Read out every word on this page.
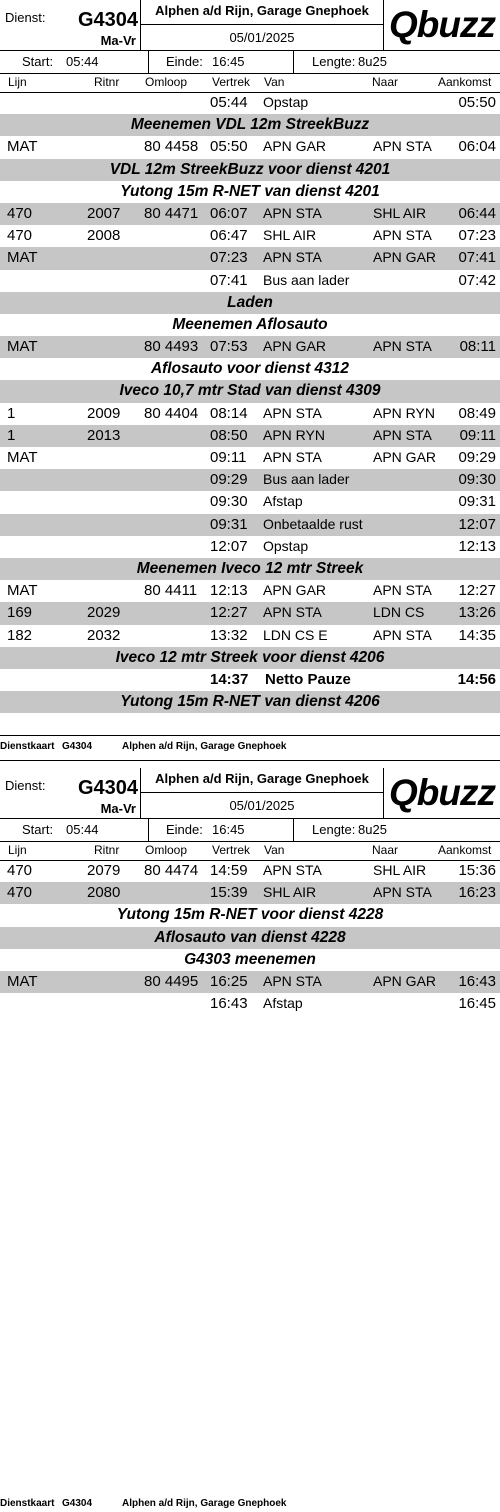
Dienst: G4304
Ma-Vr
Alphen a/d Rijn, Garage Gnephoek
05/01/2025	Qbuzz
Start: 05:44	Einde: 16:45	Lengte: 8u25
Lijn	Ritnr Omloop Vertrek Van	Naar	Aankomst
05:44 Opstap	05:50
Meenemen VDL 12m StreekBuzz
MAT	80 4458 05:50 APN GAR	APN STA 06:04
VDL 12m StreekBuzz voor dienst 4201
Yutong 15m R-NET van dienst 4201
470	2007 80 4471 06:07 APN STA	SHL AIR 06:44
470	2008	06:47 SHL AIR	APN STA 07:23
MAT	07:23 APN STA	APN GAR 07:41
07:41 Bus aan lader	07:42
Laden
Meenemen Aflosauto
MAT	80 4493 07:53 APN GAR	APN STA 08:11
Aflosauto voor dienst 4312
Iveco 10,7 mtr Stad van dienst 4309
1	2009 80 4404 08:14 APN STA	APN RYN 08:49
1	2013	08:50 APN RYN	APN STA 09:11
MAT	09:11 APN STA	APN GAR 09:29
09:29 Bus aan lader	09:30
09:30 Afstap	09:31
09:31 Onbetaalde rust	12:07
12:07 Opstap	12:13
Meenemen Iveco 12 mtr Streek
MAT	80 4411 12:13 APN GAR	APN STA 12:27
169	2029	12:27 APN STA	LDN CS 13:26
182	2032	13:32 LDN CS E	APN STA 14:35
Iveco 12 mtr Streek voor dienst 4206
14:37 Netto Pauze	14:56
Yutong 15m R-NET van dienst 4206
Dienstkaart G4304	Alphen a/d Rijn, Garage Gnephoek
Dienst: G4304
Ma-Vr
Alphen a/d Rijn, Garage Gnephoek
05/01/2025	Qbuzz
Start: 05:44	Einde: 16:45	Lengte: 8u25
Lijn	Ritnr Omloop Vertrek Van	Naar	Aankomst
470	2079 80 4474 14:59 APN STA	SHL AIR 15:36
470	2080	15:39 SHL AIR	APN STA 16:23
Yutong 15m R-NET voor dienst 4228
Aflosauto van dienst 4228
G4303 meenemen
MAT	80 4495 16:25 APN STA	APN GAR 16:43
16:43 Afstap	16:45
Dienstkaart G4304	Alphen a/d Rijn, Garage Gnephoek
